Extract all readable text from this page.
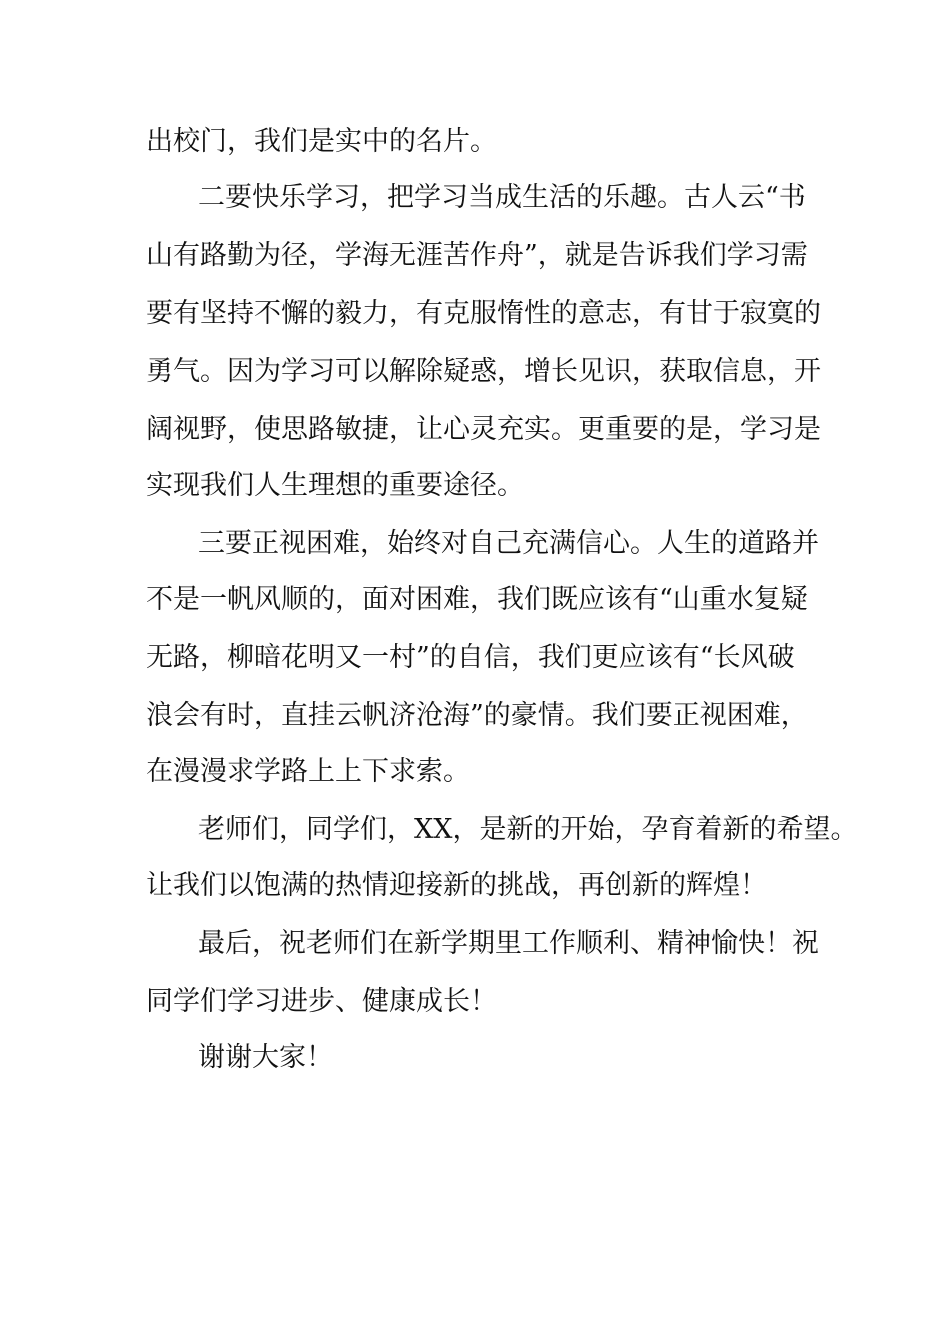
出校门，我们是实中的名片。
二要快乐学习，把学习当成生活的乐趣。古人云“书
山有路勤为径，学海无涯苦作舟”，就是告诉我们学习需
要有坚持不懈的毅力，有克服惰性的意志，有甘于寂寞的
勇气。因为学习可以解除疑惑，增长见识，获取信息，开
阔视野，使思路敏捷，让心灵充实。更重要的是，学习是
实现我们人生理想的重要途径。
三要正视困难，始终对自己充满信心。人生的道路并
不是一帆风顺的，面对困难，我们既应该有“山重水复疑
无路，柳暗花明又一村”的自信，我们更应该有“长风破
浪会有时，直挂云帆济沧海”的豪情。我们要正视困难，
在漫漫求学路上上下求索。
老师们，同学们，XX，是新的开始，孕育着新的希望。
让我们以饱满的热情迎接新的挑战，再创新的辉煌！
最后，祝老师们在新学期里工作顺利、精神愉快！祝
同学们学习进步、健康成长！
谢谢大家！
